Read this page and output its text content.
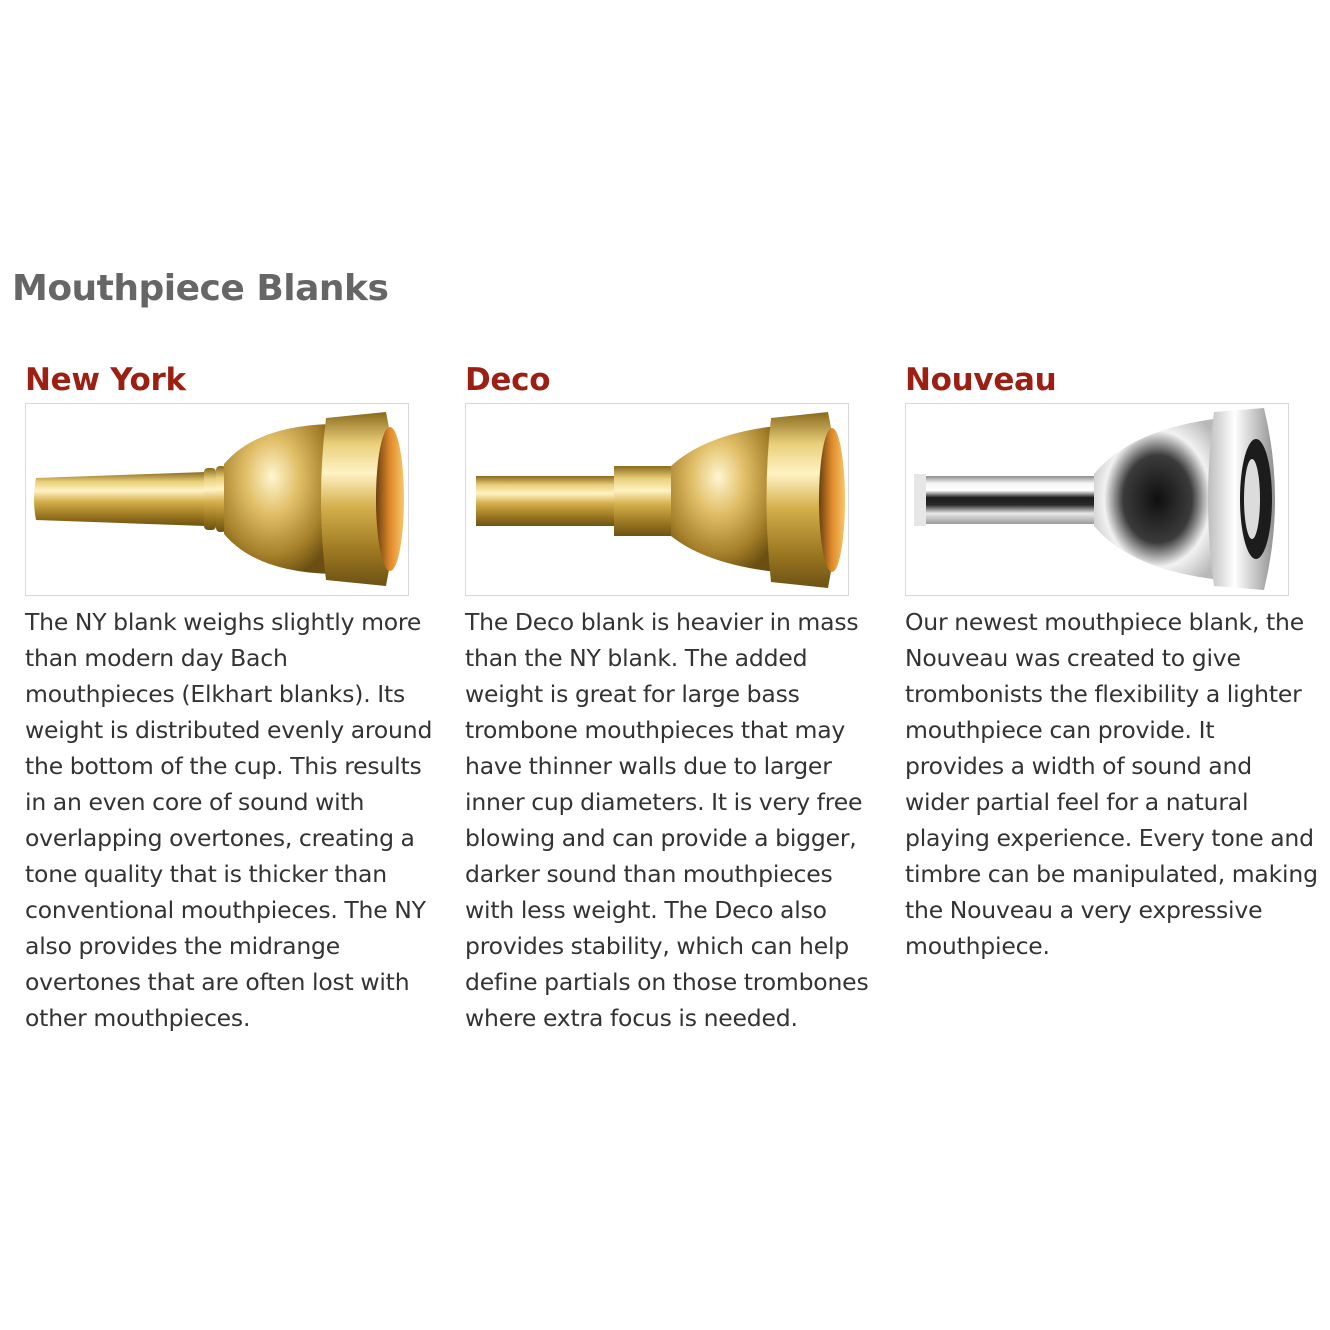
Mouthpiece Blanks
New York

The NY blank weighs slightly more
than modern day Bach
mouthpieces (Elkhart blanks). Its
weight is distributed evenly around
the bottom of the cup. This results
in an even core of sound with
overlapping overtones, creating a
tone quality that is thicker than
conventional mouthpieces. The NY
also provides the midrange
overtones that are often lost with
other mouthpieces.

Deco

The Deco blank is heavier in mass
than the NY blank. The added
weight is great for large bass
trombone mouthpieces that may
have thinner walls due to larger
inner cup diameters. It is very free
blowing and can provide a bigger,
darker sound than mouthpieces
with less weight. The Deco also
provides stability, which can help
define partials on those trombones
where extra focus is needed.

Nouveau

Our newest mouthpiece blank, the
Nouveau was created to give
trombonists the flexibility a lighter
mouthpiece can provide. It
provides a width of sound and
wider partial feel for a natural
playing experience. Every tone and
timbre can be manipulated, making
the Nouveau a very expressive
mouthpiece.
